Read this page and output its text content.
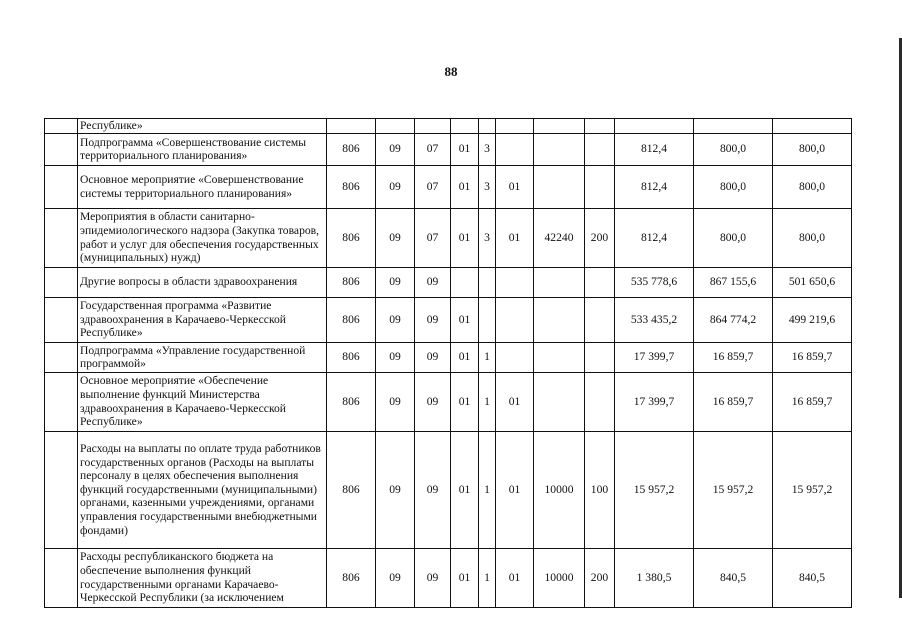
88
	Республике»											
	Подпрограмма «Совершенствование системы территориального планирования»	806	09	07	01	3				812,4	800,0	800,0
	Основное мероприятие «Совершенствование системы территориального планирования»	806	09	07	01	3	01			812,4	800,0	800,0
	Мероприятия в области санитарно-эпидемиологического надзора (Закупка товаров, работ и услуг для обеспечения государственных (муниципальных) нужд)	806	09	07	01	3	01	42240	200	812,4	800,0	800,0
	Другие вопросы в области здравоохранения	806	09	09						535 778,6	867 155,6	501 650,6
	Государственная программа «Развитие здравоохранения в Карачаево-Черкесской Республике»	806	09	09	01					533 435,2	864 774,2	499 219,6
	Подпрограмма «Управление государственной программой»	806	09	09	01	1				17 399,7	16 859,7	16 859,7
	Основное мероприятие «Обеспечение выполнение функций Министерства здравоохранения в Карачаево-Черкесской Республике»	806	09	09	01	1	01			17 399,7	16 859,7	16 859,7
	Расходы на выплаты по оплате труда работников государственных органов (Расходы на выплаты персоналу в целях обеспечения выполнения функций государственными (муниципальными) органами, казенными учреждениями, органами управления государственными внебюджетными фондами)	806	09	09	01	1	01	10000	100	15 957,2	15 957,2	15 957,2
	Расходы республиканского бюджета на обеспечение выполнения функций государственными органами Карачаево-Черкесской Республики (за исключением	806	09	09	01	1	01	10000	200	1 380,5	840,5	840,5
